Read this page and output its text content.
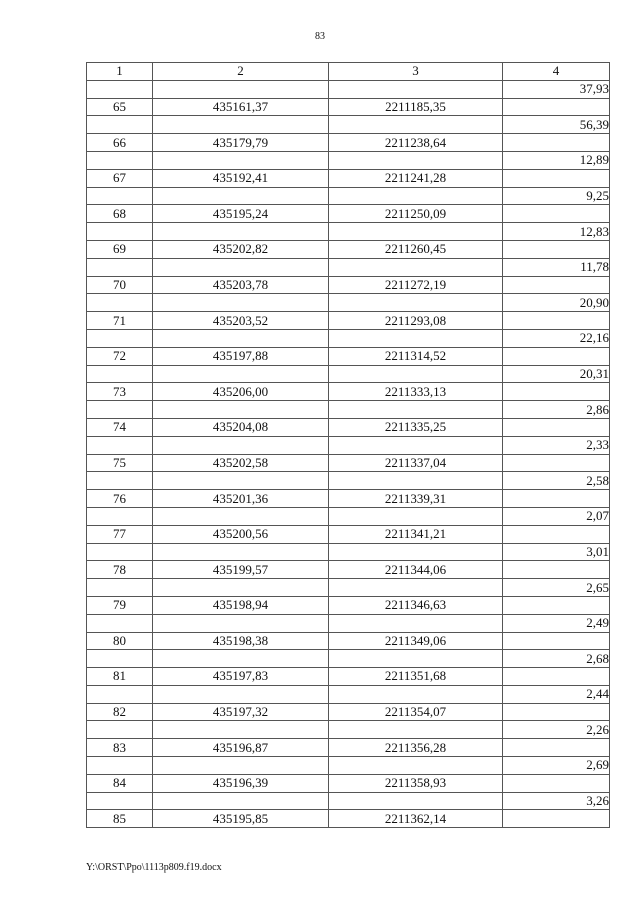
83
1	2	3	4
			37,93
65	435161,37	2211185,35	
			56,39
66	435179,79	2211238,64	
			12,89
67	435192,41	2211241,28	
			9,25
68	435195,24	2211250,09	
			12,83
69	435202,82	2211260,45	
			11,78
70	435203,78	2211272,19	
			20,90
71	435203,52	2211293,08	
			22,16
72	435197,88	2211314,52	
			20,31
73	435206,00	2211333,13	
			2,86
74	435204,08	2211335,25	
			2,33
75	435202,58	2211337,04	
			2,58
76	435201,36	2211339,31	
			2,07
77	435200,56	2211341,21	
			3,01
78	435199,57	2211344,06	
			2,65
79	435198,94	2211346,63	
			2,49
80	435198,38	2211349,06	
			2,68
81	435197,83	2211351,68	
			2,44
82	435197,32	2211354,07	
			2,26
83	435196,87	2211356,28	
			2,69
84	435196,39	2211358,93	
			3,26
85	435195,85	2211362,14	
Y:\ORST\Ppo\1113p809.f19.docx
